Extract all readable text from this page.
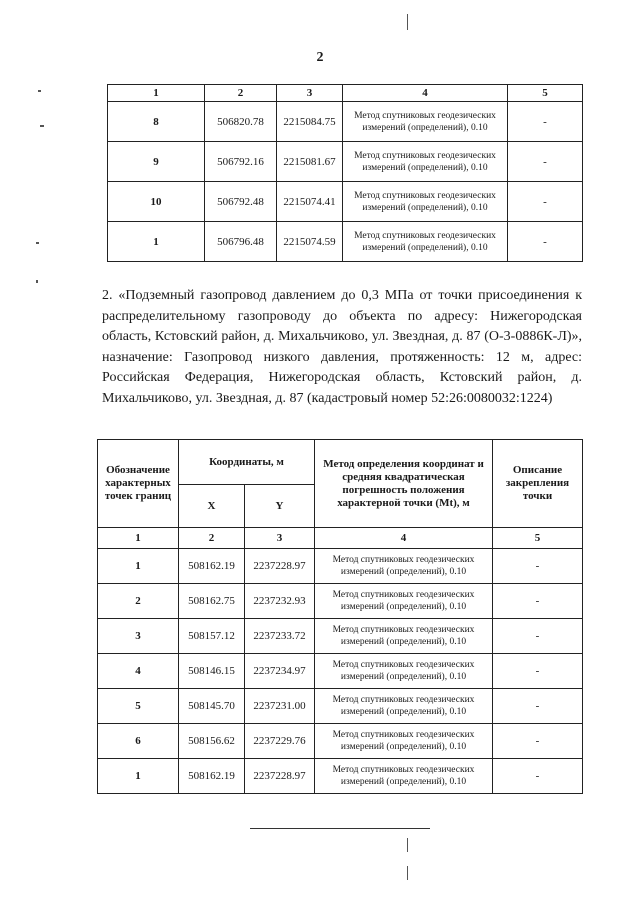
2
1	2	3	4	5
8	506820.78	2215084.75	Метод спутниковых геодезических измерений (определений), 0.10	-
9	506792.16	2215081.67	Метод спутниковых геодезических измерений (определений), 0.10	-
10	506792.48	2215074.41	Метод спутниковых геодезических измерений (определений), 0.10	-
1	506796.48	2215074.59	Метод спутниковых геодезических измерений (определений), 0.10	-
2. «Подземный газопровод давлением до 0,3 МПа от точки присоединения к распределительному газопроводу до объекта по адресу: Нижегородская область, Кстовский район, д. Михальчиково, ул. Звездная, д. 87 (О-3-0886К-Л)», назначение: Газопровод низкого давления, протяженность: 12 м, адрес: Российская Федерация, Нижегородская область, Кстовский район, д. Михальчиково, ул. Звездная, д. 87 (кадастровый номер 52:26:0080032:1224)
Обозначение характерных точек границ	Координаты, м		Метод определения координат и средняя квадратическая погрешность положения характерной точки (Mt), м	Описание закрепления точки
	X	Y		
1	2	3	4	5
1	508162.19	2237228.97	Метод спутниковых геодезических измерений (определений), 0.10	-
2	508162.75	2237232.93	Метод спутниковых геодезических измерений (определений), 0.10	-
3	508157.12	2237233.72	Метод спутниковых геодезических измерений (определений), 0.10	-
4	508146.15	2237234.97	Метод спутниковых геодезических измерений (определений), 0.10	-
5	508145.70	2237231.00	Метод спутниковых геодезических измерений (определений), 0.10	-
6	508156.62	2237229.76	Метод спутниковых геодезических измерений (определений), 0.10	-
1	508162.19	2237228.97	Метод спутниковых геодезических измерений (определений), 0.10	-
